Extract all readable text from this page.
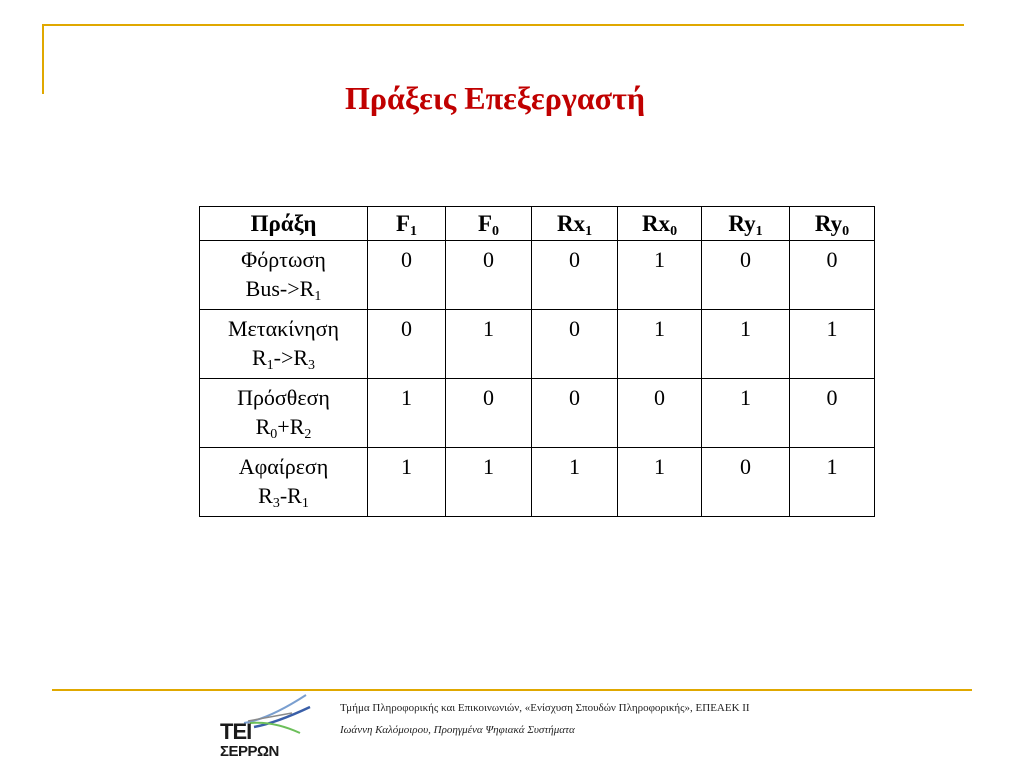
Πράξεις Επεξεργαστή
Πράξη	$F_1$	$F_0$	$Rx_1$	$Rx_0$	$Ry_1$	$Ry_0$
Φόρτωση
Bus-$>R_1$	0	0	0	1	0	0
Μετακίνηση
$R_1->R_3$	0	1	0	1	1	1
Πρόσθεση
$R_0+R_2$	1	0	0	0	1	0
Αφαίρεση
$R_3-R_1$	1	1	1	1	0	1
ΤΕΙ
ΣΕΡΡΩΝ
Τμήμα Πληροφορικής και Επικοινωνιών, «Ενίσχυση Σπουδών Πληροφορικής», ΕΠΕΑΕΚ ΙΙ
Ιωάννη Καλόμοιρου, Προηγμένα Ψηφιακά Συστήματα
